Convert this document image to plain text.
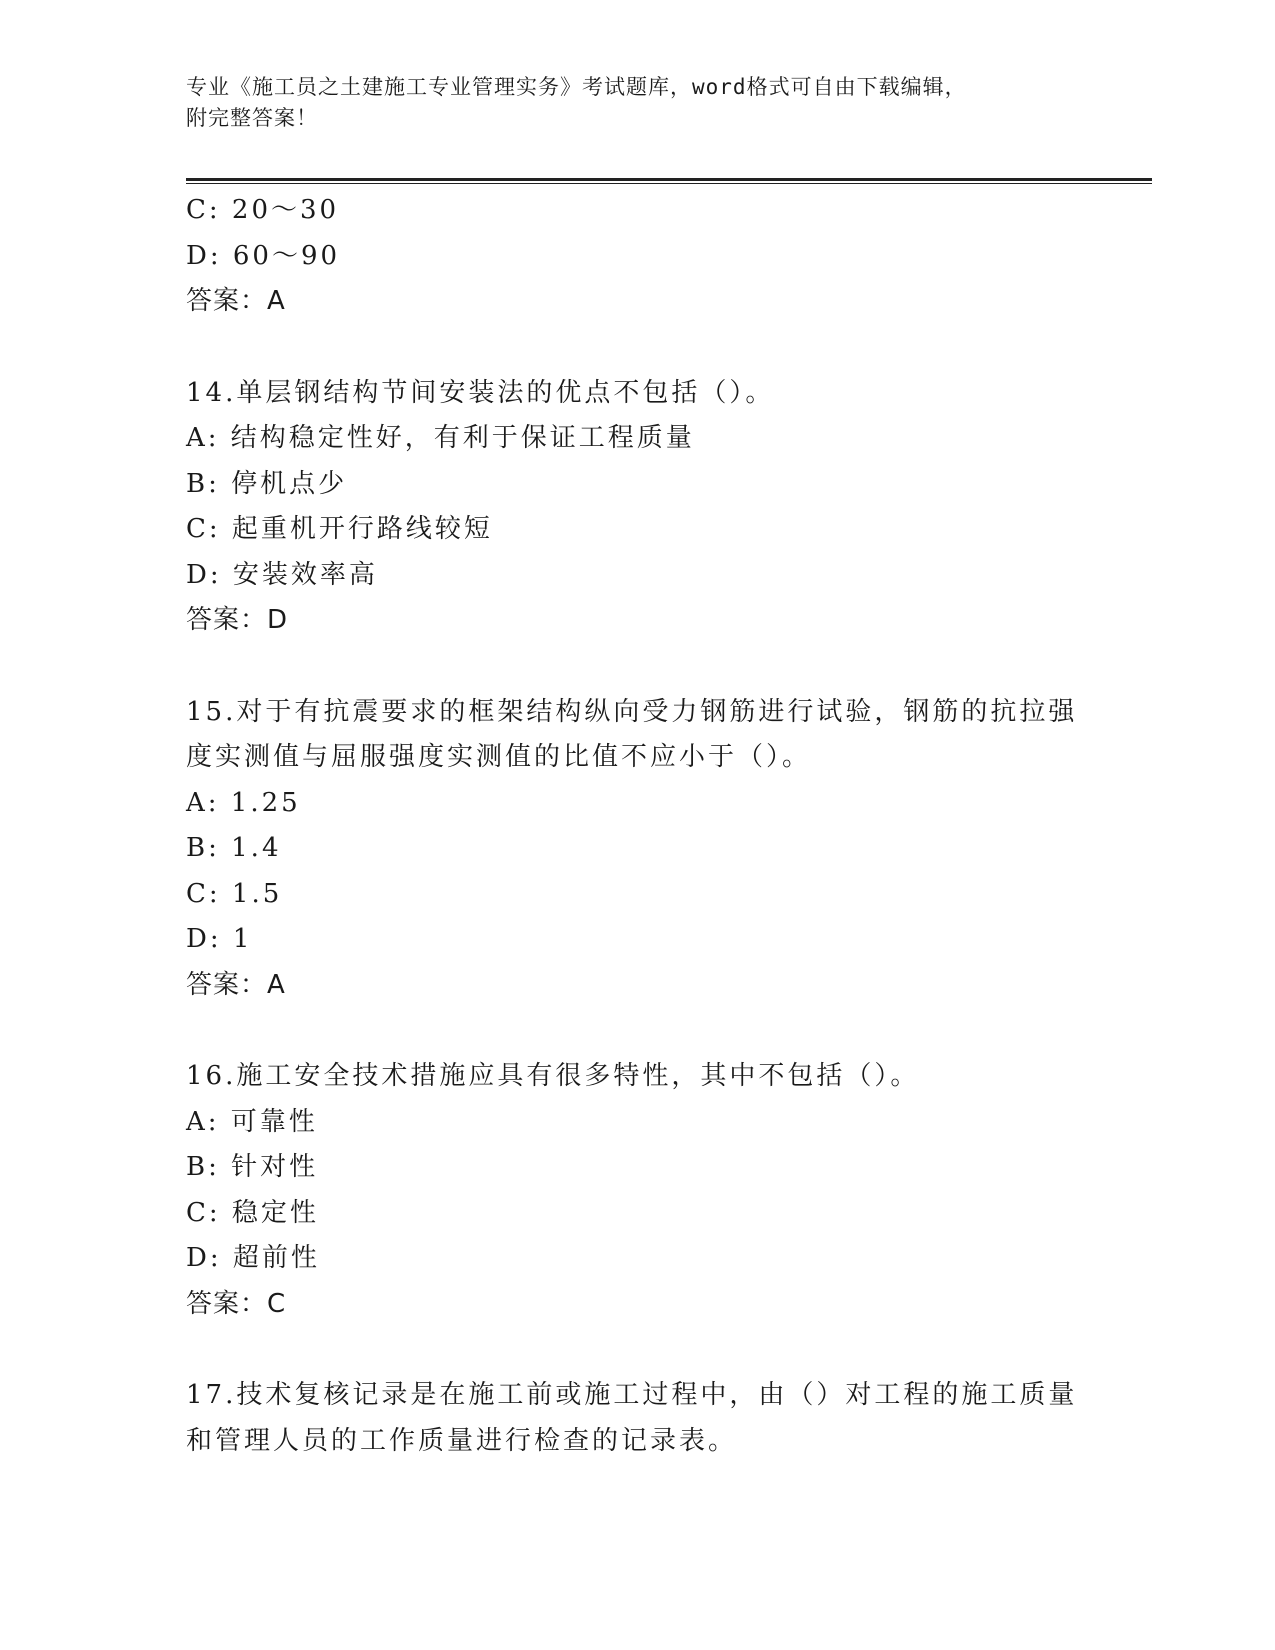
专业《施工员之土建施工专业管理实务》考试题库，word格式可自由下载编辑，
附完整答案！
C: 20～30
D: 60～90
答案：A
14.单层钢结构节间安装法的优点不包括（）。
A: 结构稳定性好，有利于保证工程质量
B: 停机点少
C: 起重机开行路线较短
D: 安装效率高
答案：D
15.对于有抗震要求的框架结构纵向受力钢筋进行试验，钢筋的抗拉强
度实测值与屈服强度实测值的比值不应小于（）。
A: 1.25
B: 1.4
C: 1.5
D: 1
答案：A
16.施工安全技术措施应具有很多特性，其中不包括（）。
A: 可靠性
B: 针对性
C: 稳定性
D: 超前性
答案：C
17.技术复核记录是在施工前或施工过程中，由（）对工程的施工质量
和管理人员的工作质量进行检查的记录表。
